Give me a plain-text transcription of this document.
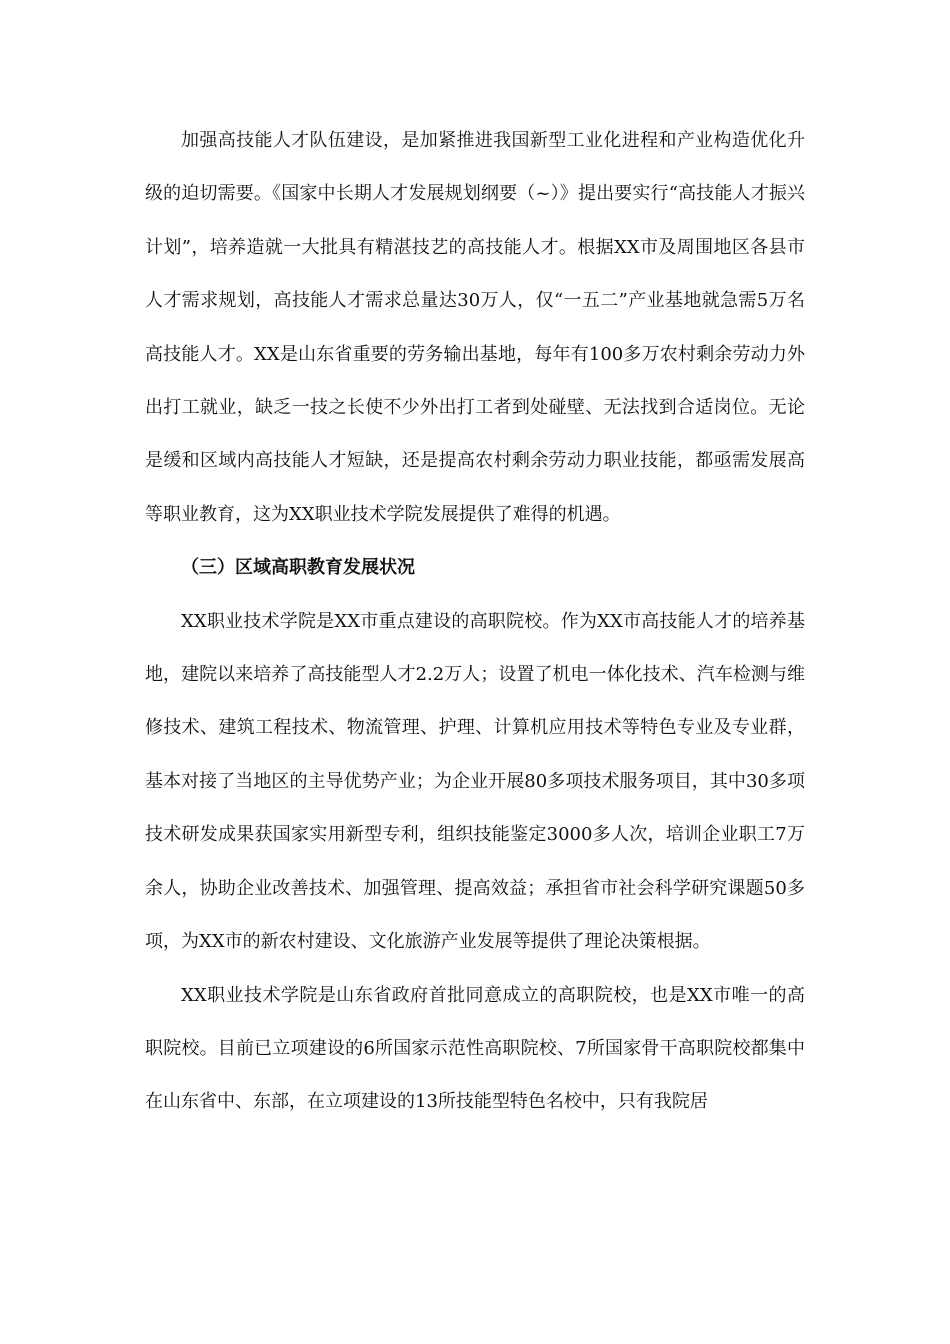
加强高技能人才队伍建设，是加紧推进我国新型工业化进程和产业构造优化升级的迫切需要。《国家中长期人才发展规划纲要（~）》提出要实行“高技能人才振兴计划”，培养造就一大批具有精湛技艺的高技能人才。根据XX市及周围地区各县市人才需求规划，高技能人才需求总量达30万人，仅“一五二”产业基地就急需5万名高技能人才。XX是山东省重要的劳务输出基地，每年有100多万农村剩余劳动力外出打工就业，缺乏一技之长使不少外出打工者到处碰壁、无法找到合适岗位。无论是缓和区域内高技能人才短缺，还是提高农村剩余劳动力职业技能，都亟需发展高等职业教育，这为XX职业技术学院发展提供了难得的机遇。

（三）区域高职教育发展状况

XX职业技术学院是XX市重点建设的高职院校。作为XX市高技能人才的培养基地，建院以来培养了高技能型人才2.2万人；设置了机电一体化技术、汽车检测与维修技术、建筑工程技术、物流管理、护理、计算机应用技术等特色专业及专业群，基本对接了当地区的主导优势产业；为企业开展80多项技术服务项目，其中30多项技术研发成果获国家实用新型专利，组织技能鉴定3000多人次，培训企业职工7万余人，协助企业改善技术、加强管理、提高效益；承担省市社会科学研究课题50多项，为XX市的新农村建设、文化旅游产业发展等提供了理论决策根据。

XX职业技术学院是山东省政府首批同意成立的高职院校，也是XX市唯一的高职院校。目前已立项建设的6所国家示范性高职院校、7所国家骨干高职院校都集中在山东省中、东部，在立项建设的13所技能型特色名校中，只有我院居
